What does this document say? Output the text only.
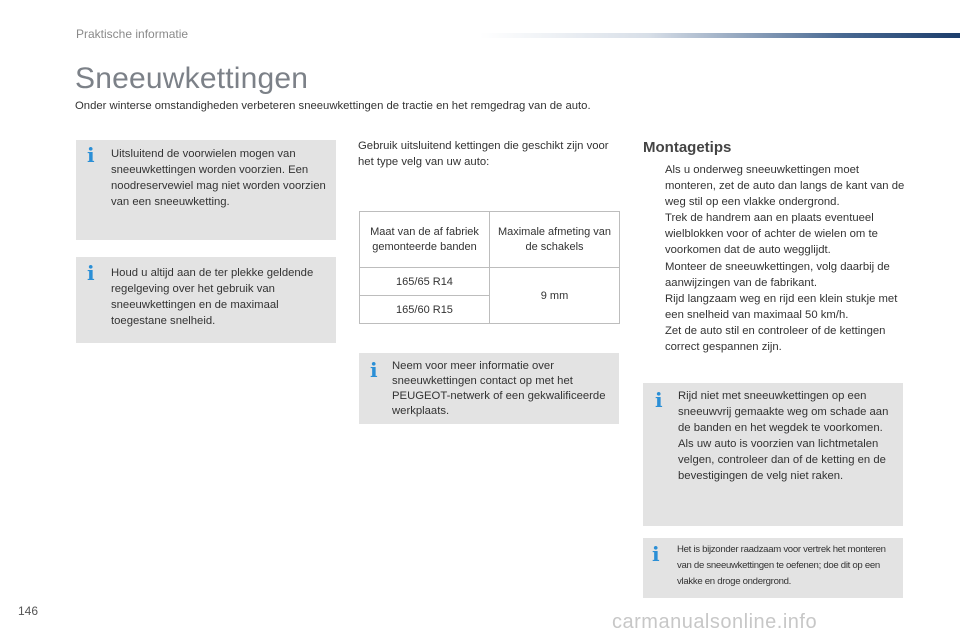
Praktische informatie
Sneeuwkettingen
Onder winterse omstandigheden verbeteren sneeuwkettingen de tractie en het remgedrag van de auto.
i Uitsluitend de voorwielen mogen van sneeuwkettingen worden voorzien. Een noodreservewiel mag niet worden voorzien van een sneeuwketting.
i Houd u altijd aan de ter plekke geldende regelgeving over het gebruik van sneeuwkettingen en de maximaal toegestane snelheid.
Gebruik uitsluitend kettingen die geschikt zijn voor het type velg van uw auto:
Maat van de af fabriek gemonteerde banden	Maximale afmeting van de schakels
165/65 R14	9 mm
165/60 R15	
i Neem voor meer informatie over sneeuwkettingen contact op met het PEUGEOT-netwerk of een gekwalificeerde werkplaats.
Montagetips
Als u onderweg sneeuwkettingen moet monteren, zet de auto dan langs de kant van de weg stil op een vlakke ondergrond.
Trek de handrem aan en plaats eventueel wielblokken voor of achter de wielen om te voorkomen dat de auto wegglijdt.
Monteer de sneeuwkettingen, volg daarbij de aanwijzingen van de fabrikant.
Rijd langzaam weg en rijd een klein stukje met een snelheid van maximaal 50 km/h.
Zet de auto stil en controleer of de kettingen correct gespannen zijn.
i Rijd niet met sneeuwkettingen op een sneeuwvrij gemaakte weg om schade aan de banden en het wegdek te voorkomen. Als uw auto is voorzien van lichtmetalen velgen, controleer dan of de ketting en de bevestigingen de velg niet raken.
i Het is bijzonder raadzaam voor vertrek het monteren van de sneeuwkettingen te oefenen; doe dit op een vlakke en droge ondergrond.
146	carmanualsonline.info
